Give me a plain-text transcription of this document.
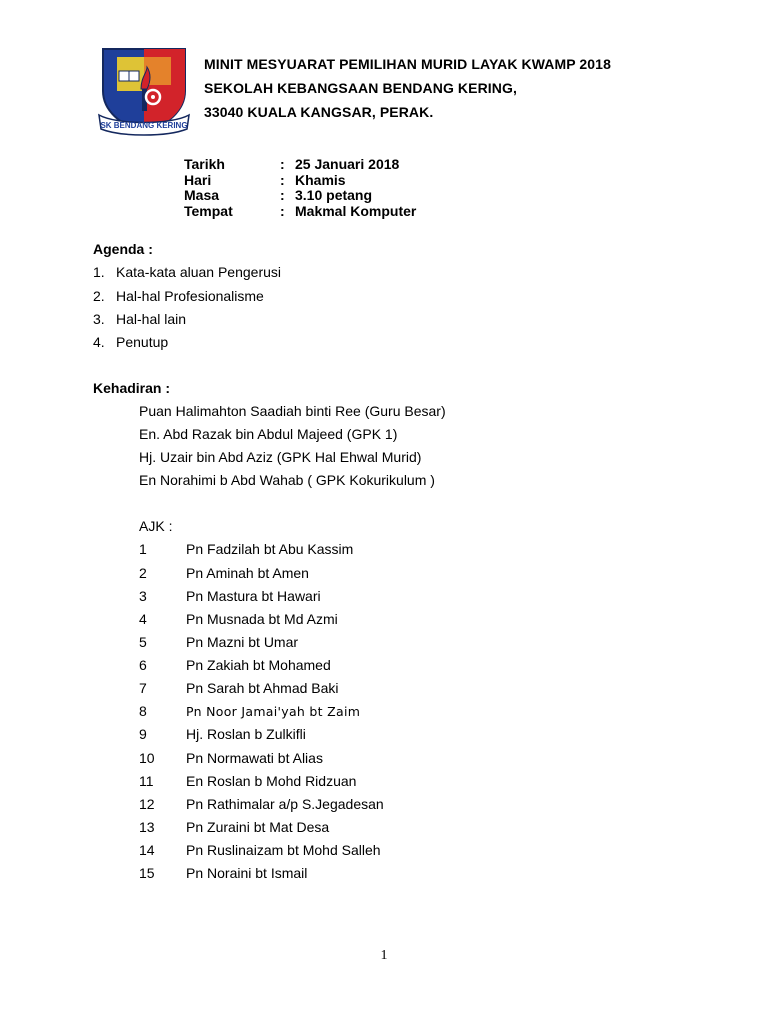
SK BENDANG KERING
MINIT MESYUARAT PEMILIHAN MURID LAYAK KWAMP 2018
SEKOLAH KEBANGSAAN BENDANG KERING,
33040 KUALA KANGSAR, PERAK.
Tarikh	: 25 Januari 2018
Hari	: Khamis
Masa	: 3.10 petang
Tempat	: Makmal Komputer
Agenda :
1. Kata-kata aluan Pengerusi
2. Hal-hal Profesionalisme
3. Hal-hal lain
4. Penutup
Kehadiran :
Puan Halimahton Saadiah binti Ree (Guru Besar)
En. Abd Razak bin Abdul Majeed (GPK 1)
Hj. Uzair bin Abd Aziz (GPK Hal Ehwal Murid)
En Norahimi b Abd Wahab ( GPK Kokurikulum )
AJK :
1	Pn Fadzilah bt Abu Kassim
2	Pn Aminah bt Amen
3	Pn Mastura bt Hawari
4	Pn Musnada bt Md Azmi
5	Pn Mazni bt Umar
6	Pn Zakiah bt Mohamed
7	Pn Sarah bt Ahmad Baki
8	Pn Noor Jamai'yah bt Zaim
9	Hj. Roslan b Zulkifli
10 Pn Normawati bt Alias
11 En Roslan b Mohd Ridzuan
12 Pn Rathimalar a/p S.Jegadesan
13 Pn Zuraini bt Mat Desa
14 Pn Ruslinaizam bt Mohd Salleh
15 Pn Noraini bt Ismail
1
